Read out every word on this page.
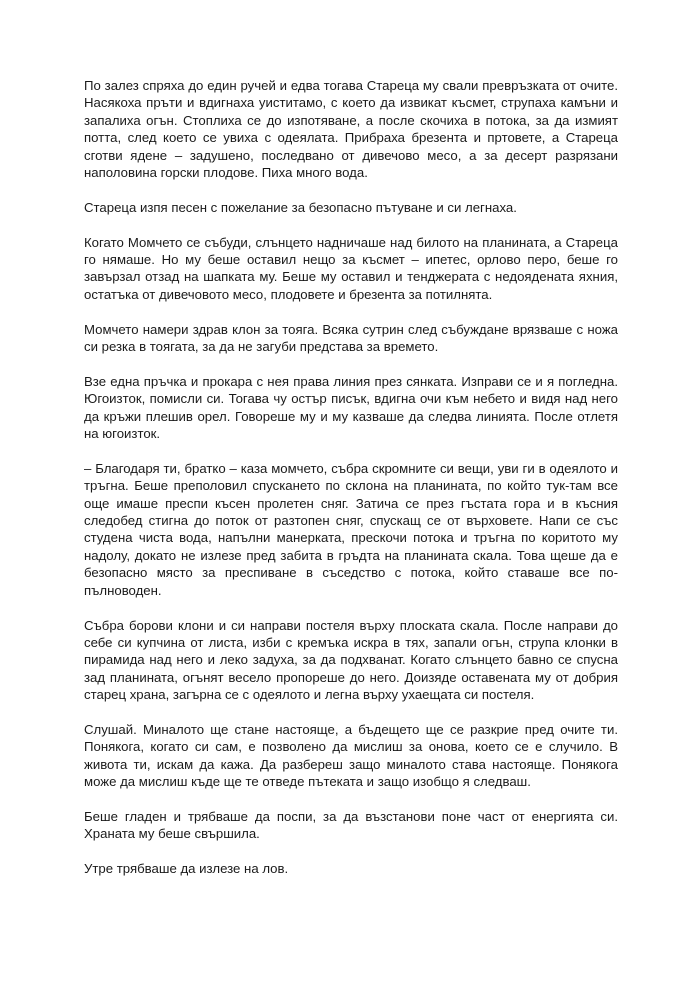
По залез спряха до един ручей и едва тогава Стареца му свали превръзката от очите. Насякоха пръти и вдигнаха уиститамо, с което да извикат късмет, струпаха камъни и запалиха огън. Стоплиха се до изпотяване, а после скочиха в потока, за да измият потта, след което се увиха с одеялата. Прибраха брезента и пртовете, а Стареца сготви ядене – задушено, последвано от дивечово месо, а за десерт разрязани наполовина горски плодове. Пиха много вода.

Стареца изпя песен с пожелание за безопасно пътуване и си легнаха.

Когато Момчето се събуди, слънцето надничаше над билото на планината, а Стареца го нямаше. Но му беше оставил нещо за късмет – ипетес, орлово перо, беше го завързал отзад на шапката му. Беше му оставил и тенджерата с недоядената яхния, остатъка от дивечовото месо, плодовете и брезента за потилнята.

Момчето намери здрав клон за тояга. Всяка сутрин след събуждане врязваше с ножа си резка в тоягата, за да не загуби представа за времето.

Взе една пръчка и прокара с нея права линия през сянката. Изправи се и я погледна. Югоизток, помисли си. Тогава чу остър писък, вдигна очи към небето и видя над него да кръжи плешив орел. Говореше му и му казваше да следва линията. После отлетя на югоизток.

– Благодаря ти, братко – каза момчето, събра скромните си вещи, уви ги в одеялото и тръгна. Беше преполовил спускането по склона на планината, по който тук-там все още имаше преспи късен пролетен сняг. Затича се през гъстата гора и в късния следобед стигна до поток от разтопен сняг, спускащ се от върховете. Напи се със студена чиста вода, напълни манерката, прескочи потока и тръгна по коритото му надолу, докато не излезе пред забита в гръдта на планината скала. Това щеше да е безопасно място за преспиване в съседство с потока, който ставаше все по-пълноводен.

Събра борови клони и си направи постеля върху плоската скала. После направи до себе си купчина от листа, изби с кремъка искра в тях, запали огън, струпа клонки в пирамида над него и леко задуха, за да подхванат. Когато слънцето бавно се спусна зад планината, огънят весело пропореше до него. Доизяде оставената му от добрия старец храна, загърна се с одеялото и легна върху ухаещата си постеля.

Слушай. Миналото ще стане настояще, а бъдещето ще се разкрие пред очите ти. Понякога, когато си сам, е позволено да мислиш за онова, което се е случило. В живота ти, искам да кажа. Да разбереш защо миналото става настояще. Понякога може да мислиш къде ще те отведе пътеката и защо изобщо я следваш.

Беше гладен и трябваше да поспи, за да възстанови поне част от енергията си. Храната му беше свършила.

Утре трябваше да излезе на лов.
